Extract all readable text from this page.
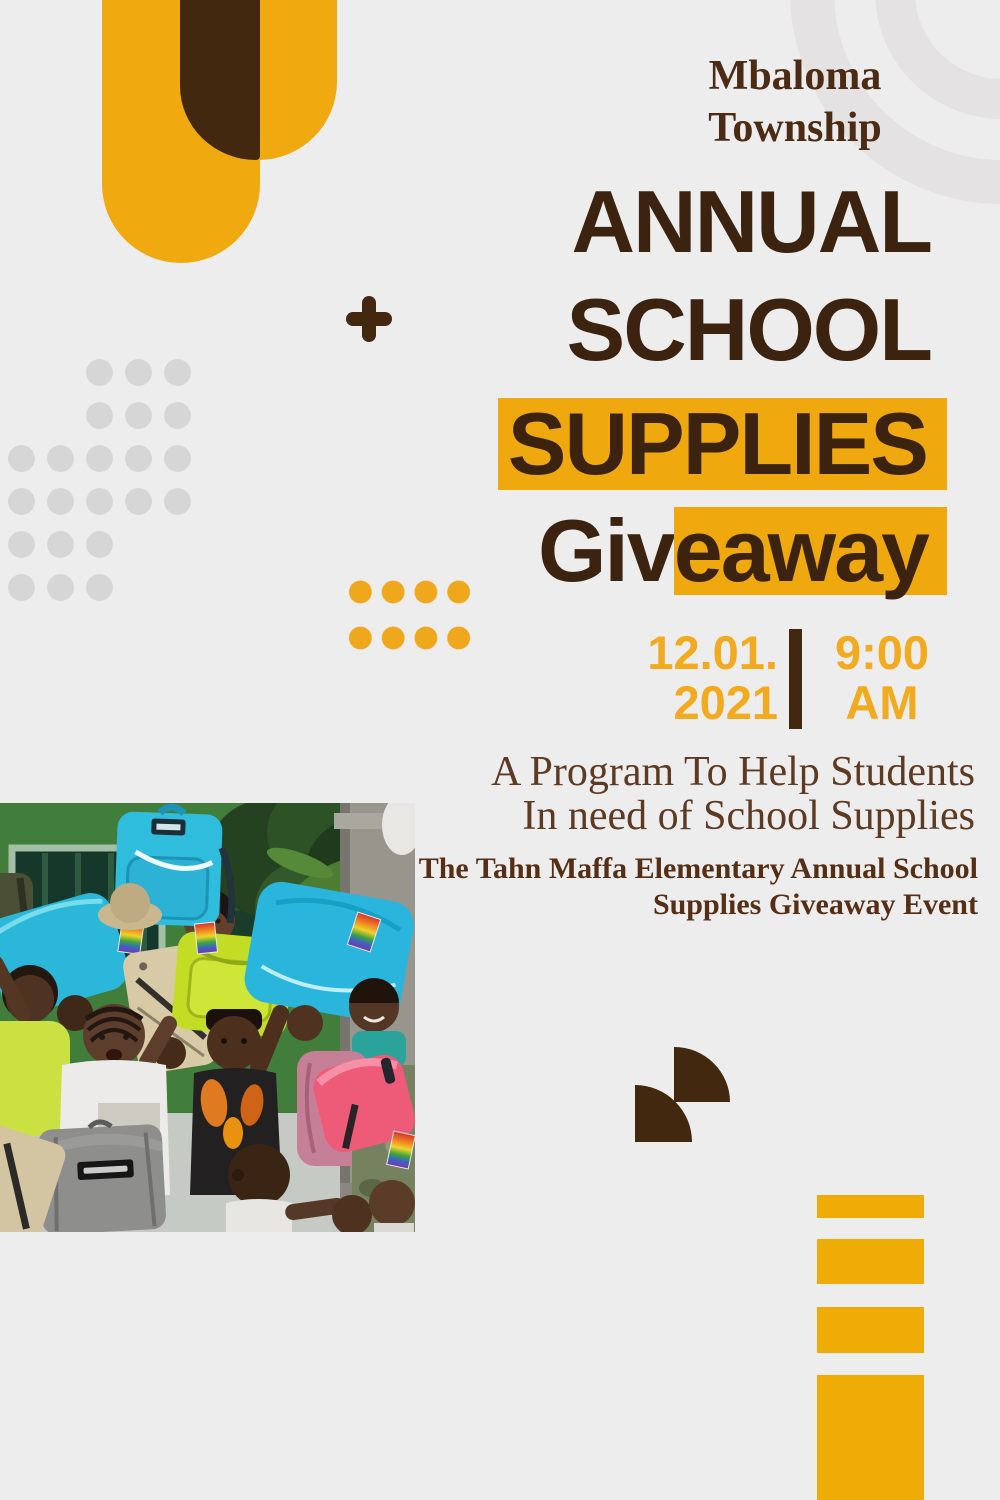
Mbaloma
Township
ANNUAL
SCHOOL
SUPPLIES
Giveaway
12.01.
2021
9:00
AM
A Program To Help Students
In need of School Supplies
The Tahn Maffa Elementary Annual School
Supplies Giveaway Event
